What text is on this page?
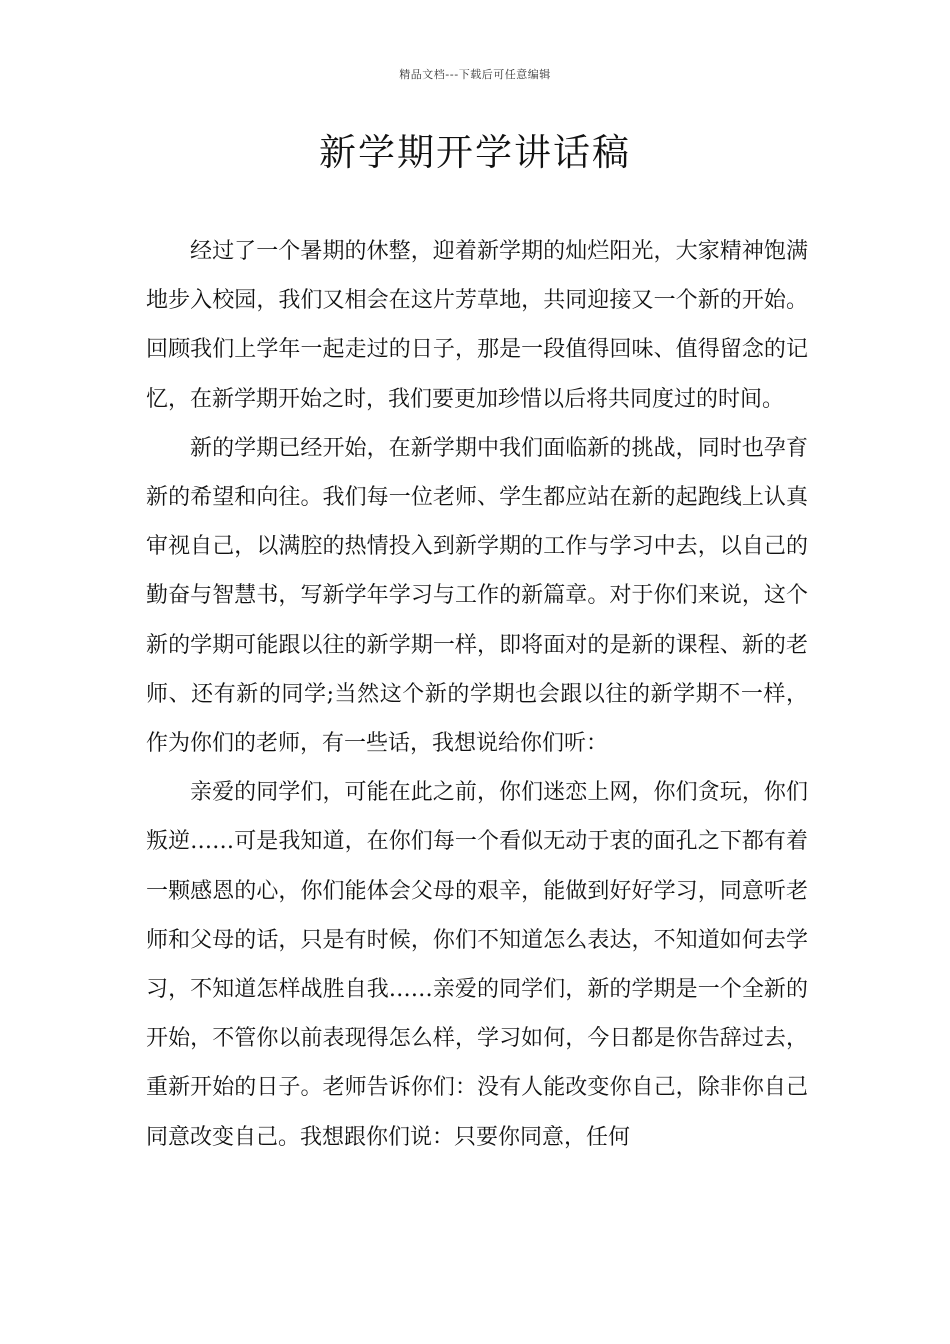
精品文档---下载后可任意编辑
新学期开学讲话稿

经过了一个暑期的休整，迎着新学期的灿烂阳光，大家精神饱满地步入校园，我们又相会在这片芳草地，共同迎接又一个新的开始。回顾我们上学年一起走过的日子，那是一段值得回味、值得留念的记忆，在新学期开始之时，我们要更加珍惜以后将共同度过的时间。

新的学期已经开始，在新学期中我们面临新的挑战，同时也孕育新的希望和向往。我们每一位老师、学生都应站在新的起跑线上认真审视自己，以满腔的热情投入到新学期的工作与学习中去，以自己的勤奋与智慧书，写新学年学习与工作的新篇章。对于你们来说，这个新的学期可能跟以往的新学期一样，即将面对的是新的课程、新的老师、还有新的同学;当然这个新的学期也会跟以往的新学期不一样，作为你们的老师，有一些话，我想说给你们听：

亲爱的同学们，可能在此之前，你们迷恋上网，你们贪玩，你们叛逆……可是我知道，在你们每一个看似无动于衷的面孔之下都有着一颗感恩的心，你们能体会父母的艰辛，能做到好好学习，同意听老师和父母的话，只是有时候，你们不知道怎么表达，不知道如何去学习，不知道怎样战胜自我……亲爱的同学们，新的学期是一个全新的开始，不管你以前表现得怎么样，学习如何，今日都是你告辞过去，重新开始的日子。老师告诉你们：没有人能改变你自己，除非你自己同意改变自己。我想跟你们说：只要你同意，任何
